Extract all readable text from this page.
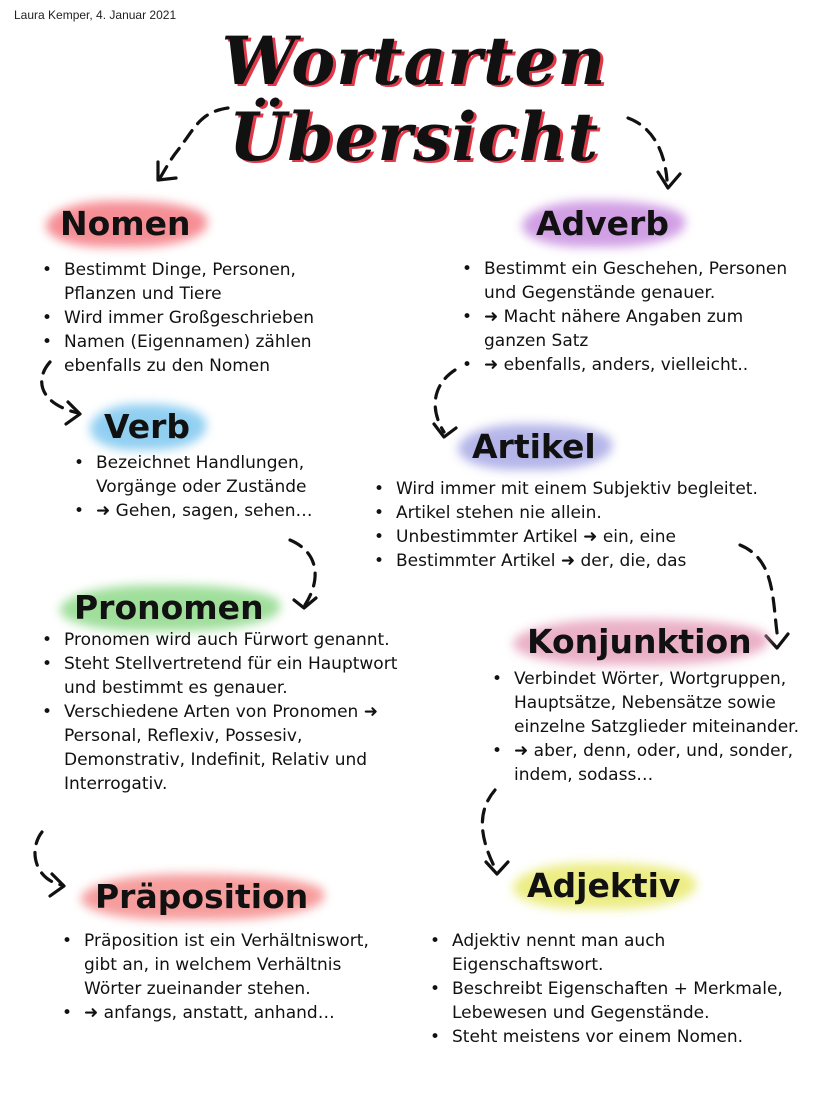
Laura Kemper, 4. Januar 2021
Wortarten
Übersicht
Nomen
• Bestimmt Dinge, Personen, Pflanzen und Tiere
• Wird immer Großgeschrieben
• Namen (Eigennamen) zählen ebenfalls zu den Nomen
Adverb
• Bestimmt ein Geschehen, Personen und Gegenstände genauer.
• ➜ Macht nähere Angaben zum ganzen Satz
• ➜ ebenfalls, anders, vielleicht..
Verb
• Bezeichnet Handlungen, Vorgänge oder Zustände
• ➜ Gehen, sagen, sehen…
Artikel
• Wird immer mit einem Subjektiv begleitet.
• Artikel stehen nie allein.
• Unbestimmter Artikel ➜ ein, eine
• Bestimmter Artikel ➜ der, die, das
Pronomen
• Pronomen wird auch Fürwort genannt.
• Steht Stellvertretend für ein Hauptwort und bestimmt es genauer.
• Verschiedene Arten von Pronomen ➜ Personal, Reflexiv, Possesiv, Demonstrativ, Indefinit, Relativ und Interrogativ.
Konjunktion
• Verbindet Wörter, Wortgruppen, Hauptsätze, Nebensätze sowie einzelne Satzglieder miteinander.
• ➜ aber, denn, oder, und, sonder, indem, sodass…
Präposition
• Präposition ist ein Verhältniswort, gibt an, in welchem Verhältnis Wörter zueinander stehen.
• ➜ anfangs, anstatt, anhand…
Adjektiv
• Adjektiv nennt man auch Eigenschaftswort.
• Beschreibt Eigenschaften + Merkmale, Lebewesen und Gegenstände.
• Steht meistens vor einem Nomen.
